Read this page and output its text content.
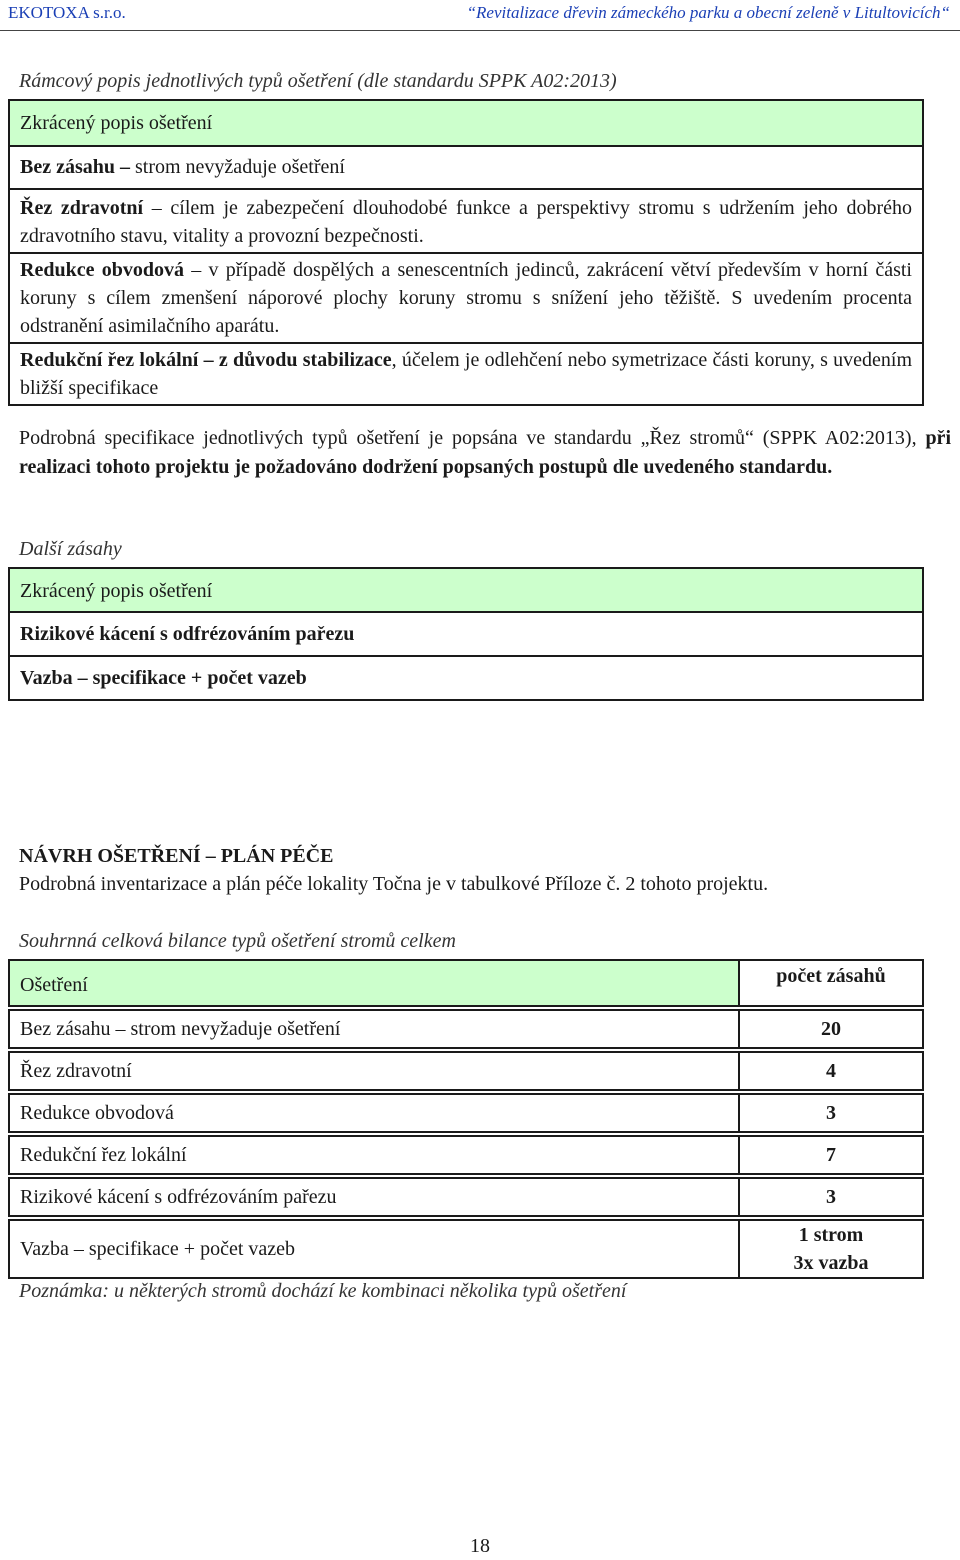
EKOTOXA s.r.o.	“Revitalizace dřevin zámeckého parku a obecní zeleně v Litultovicích“
Rámcový popis jednotlivých typů ošetření (dle standardu SPPK A02:2013)
Zkrácený popis ošetření
Bez zásahu – strom nevyžaduje ošetření
Řez zdravotní – cílem je zabezpečení dlouhodobé funkce a perspektivy stromu s udržením jeho dobrého zdravotního stavu, vitality a provozní bezpečnosti.
Redukce obvodová – v případě dospělých a senescentních jedinců, zakrácení větví především v horní části koruny s cílem zmenšení náporové plochy koruny stromu s snížení jeho těžiště. S uvedením procenta odstranění asimilačního aparátu.
Redukční řez lokální – z důvodu stabilizace, účelem je odlehčení nebo symetrizace části koruny, s uvedením bližší specifikace

Podrobná specifikace jednotlivých typů ošetření je popsána ve standardu „Řez stromů“ (SPPK A02:2013), při realizaci tohoto projektu je požadováno dodržení popsaných postupů dle uvedeného standardu.

Další zásahy
Zkrácený popis ošetření
Rizikové kácení s odfrézováním pařezu
Vazba – specifikace + počet vazeb
NÁVRH OŠETŘENÍ – PLÁN PÉČE
Podrobná inventarizace a plán péče lokality Točna je v tabulkové Příloze č. 2 tohoto projektu.
Souhrnná celková bilance typů ošetření stromů celkem
Ošetření	počet zásahů

Bez zásahu – strom nevyžaduje ošetření	20

Řez zdravotní	4

Redukce obvodová	3

Redukční řez lokální	7

Rizikové kácení s odfrézováním pařezu	3

Vazba – specifikace + počet vazeb	1 strom
3x vazba
Poznámka: u některých stromů dochází ke kombinaci několika typů ošetření
18
